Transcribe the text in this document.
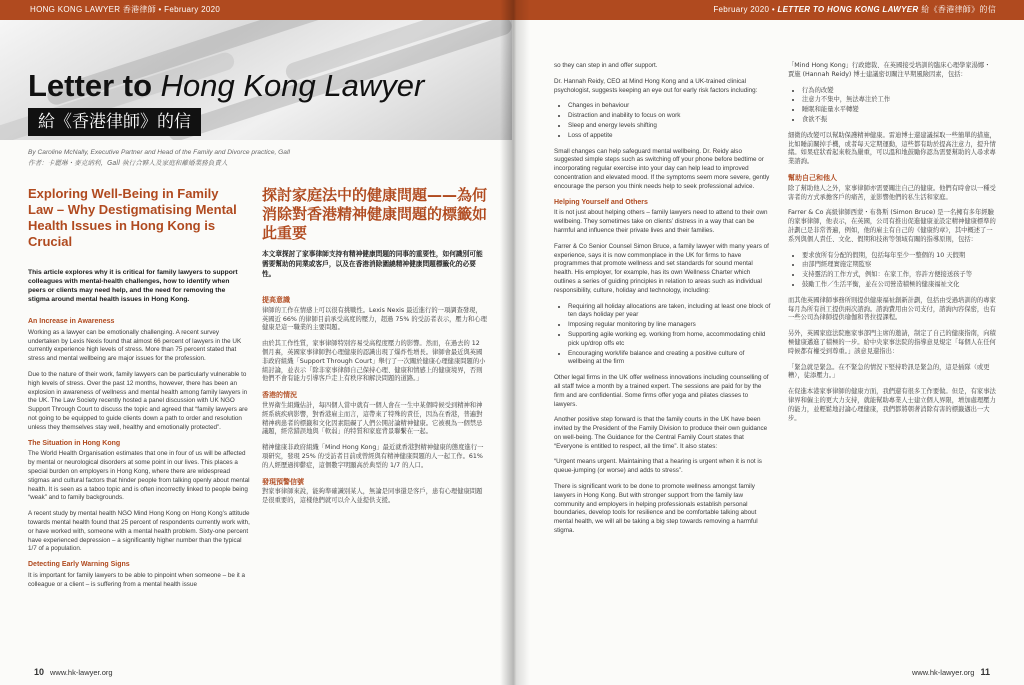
HONG KONG LAWYER 香港律師 • February 2020
Letter to Hong Kong Lawyer
給《香港律師》的信
By Caroline McNally, Executive Partner and Head of the Family and Divorce practice, Gall
作者：卡麗琳・麥克納利，Gall 執行合夥人及家庭和離婚業務負責人
Exploring Well-Being in Family Law – Why Destigmatising Mental Health Issues in Hong Kong is Crucial
This article explores why it is critical for family lawyers to support colleagues with mental-health challenges, how to identify when peers or clients may need help, and the need for removing the stigma around mental health issues in Hong Kong.
An Increase in Awareness

Working as a lawyer can be emotionally challenging. A recent survey undertaken by Lexis Nexis found that almost 66 percent of lawyers in the UK currently experience high levels of stress. More than 75 percent stated that stress and mental wellbeing are major issues for the profession.

Due to the nature of their work, family lawyers can be particularly vulnerable to high levels of stress. Over the past 12 months, however, there has been an explosion in awareness of wellness and mental health among family lawyers in the UK. The Law Society recently hosted a panel discussion with UK NGO Support Through Court to discuss the topic and agreed that “family lawyers are not going to be equipped to guide clients down a path to order and resolution unless they themselves stay well, healthy and emotionally protected”.

The Situation in Hong Kong

The World Health Organisation estimates that one in four of us will be affected by mental or neurological disorders at some point in our lives. This places a special burden on employers in Hong Kong, where there are widespread stigmas and cultural factors that hinder people from talking openly about mental health. It is seen as a taboo topic and is often incorrectly linked to people being “weak” and to family backgrounds.

A recent study by mental health NGO Mind Hong Kong on Hong Kong’s attitude towards mental health found that 25 percent of respondents currently work with, or have worked with, someone with a mental health problem. Sixty-one percent have experienced depression – a significantly higher number than the typical 1/7 of a population.

Detecting Early Warning Signs

It is important for family lawyers to be able to pinpoint when someone – be it a colleague or a client – is suffering from a mental health issue

探討家庭法中的健康問題——為何消除對香港精神健康問題的標籤如此重要
本文章探討了家事律師支持有精神健康問題的同事的重要性，如何識別可能需要幫助的同業或客戶，以及在香港消除圍繞精神健康問題標籤化的必要性。
提高意識

律師的工作在情感上可以很有挑戰性。Lexis Nexis 最近進行的一項調查發現，英國近 66% 的律師目前承受高度的壓力，超過 75% 的受訪者表示，壓力和心理健康是這一職業的主要問題。

由於其工作性質，家事律師特別容易受高程度壓力的影響。然而，在過去的 12 個月裏，英國家事律師對心理健康的認識出現了爆炸性增長。律師會最近與英國非政府組織「Support Through Court」舉行了一次關於健康心理健康問題的小組討論，並表示「除非家事律師自己保持心理、健康和情感上的健康境界，否則他們不會有能力引導客戶走上有秩序和解決問題的道路。」

香港的情況

世界衛生組織估計，每四個人當中就有一個人會在一生中某個時候受到精神和神經系統疾病影響，對香港雇主而言，這帶來了特殊的責任，因為在香港，普遍對精神病患者的標籤和文化因素阻礙了人們公開討論精神健康。它被視為一個禁忌議題，經常錯誤地與「軟弱」的特質和家庭背景聯繫在一起。

精神健康非政府組織「Mind Hong Kong」最近就香港對精神健康的態度進行一項研究，發現 25% 的受訪者目前或曾經與有精神健康問題的人一起工作。61% 的人經歷過抑鬱症，這個數字明顯高於典型的 1/7 的人口。

發現預警信號

對家事律師來說，能夠準確識別某人，無論是同事還是客戶，患有心理健康問題是很重要的，這樣他們就可以介入並提供支援。

10 www.hk-lawyer.org
February 2020 • LETTER TO HONG KONG LAWYER 給《香港律師》的信

so they can step in and offer support.

Dr. Hannah Reidy, CEO at Mind Hong Kong and a UK-trained clinical psychologist, suggests keeping an eye out for early risk factors including:

• Changes in behaviour
• Distraction and inability to focus on work
• Sleep and energy levels shifting
• Loss of appetite

Small changes can help safeguard mental wellbeing. Dr. Reidy also suggested simple steps such as switching off your phone before bedtime or incorporating regular exercise into your day can help lead to improved concentration and elevated mood. If the symptoms seem more severe, gently encourage the person you think needs help to seek professional advice.

Helping Yourself and Others

It is not just about helping others – family lawyers need to attend to their own wellbeing. They sometimes take on clients’ distress in a way that can be harmful and influence their private lives and their families.

Farrer & Co Senior Counsel Simon Bruce, a family lawyer with many years of experience, says it is now commonplace in the UK for firms to have programmes that promote wellness and set standards for sound mental health. His employer, for example, has its own Wellness Charter which outlines a series of guiding principles in relation to areas such as individual responsibility, culture, holiday and technology, including:

• Requiring all holiday allocations are taken, including at least one block of ten days holiday per year
• Imposing regular monitoring by line managers
• Supporting agile working eg. working from home, accommodating child pick up/drop offs etc
• Encouraging work/life balance and creating a positive culture of wellbeing at the firm

Other legal firms in the UK offer wellness innovations including counselling of all staff twice a month by a trained expert. The sessions are paid for by the firm and are confidential. Some firms offer yoga and pilates classes to lawyers.

Another positive step forward is that the family courts in the UK have been invited by the President of the Family Division to produce their own guidance on well-being. The Guidance for the Central Family Court states that “Everyone is entitled to respect, all the time”. It also states:

“Urgent means urgent. Maintaining that a hearing is urgent when it is not is queue-jumping (or worse) and adds to stress”.

There is significant work to be done to promote wellness amongst family lawyers in Hong Kong. But with stronger support from the family law community and employers in helping professionals establish personal boundaries, develop tools for resilience and be comfortable talking about mental health, we will all be taking a big step towards removing a harmful stigma.

「Mind Hong Kong」行政總裁、在英國接受培訓的臨床心理學家湯娜・賈施 (Hannah Reidy) 博士建議密切關注早期風險因素，包括：

• 行為的改變
• 注意力不集中，無法專注於工作
• 睡眠和能量水平轉變
• 食欲不振

細微的改變可以幫助保護精神健康。雷迪博士還建議採取一些簡單的措施，比如睡前關掉手機，或者每天定期運動，這些都有助於提高注意力，提升情緒。如果症狀看起來較為嚴重，可以溫和地鼓勵你認為需要幫助的人尋求專業諮詢。

幫助自己和他人

除了幫助他人之外，家事律師亦需要關注自己的健康。他們有時會以一種受害者的方式承擔客戶的痛苦，並影響他們的私生活和家庭。

Farrer & Co 高級律師西蒙・布魯斯 (Simon Bruce) 是一名擁有多年經驗的家事律師，他表示，在英國，公司有推出促進健康並設定精神健康標準的計劃已是非常普遍，例如，他的雇主有自己的《健康約章》，其中概述了一系列與個人責任、文化、假期和技術等領域有關的指導原則，包括：

• 要求放所有分配的假期，包括每年至少一整個的 10 天假期
• 由部門經理實施定期監察
• 支持靈活的工作方式，例如：在家工作，容許方便接送孩子等
• 鼓勵工作／生活平衡，並在公司營造積極的健康福祉文化

而其他英國律師事務所則提供健康福祉創新計劃，包括由受過培訓的的專家每月為所有員工提供兩次諮詢。諮詢費用由公司支付，諮詢內容保密，也有一些公司為律師提供瑜伽和普拉提課程。

另外，英國家庭法院應家事部門主席的邀請，制定了自己的健康指南，向積極健康邁進了積極的一步。給中央家事法院的指導意見規定「每個人在任何時候都有權受到尊重。」該意見還指出：

「緊急就是緊急。在不緊急的情況下堅持聆訊是緊急的，這是插隊（或更糟），徒添壓力。」

在促進本港家事律師的健康方面，我們還有很多工作要做。但是，有家事法律界和僱主的更大力支持，就能幫助專業人士建立個人界限，增加處理壓力的能力，並輕鬆地討論心理健康，我們都將朝著消除有害的標籤邁出一大步。

www.hk-lawyer.org 11
